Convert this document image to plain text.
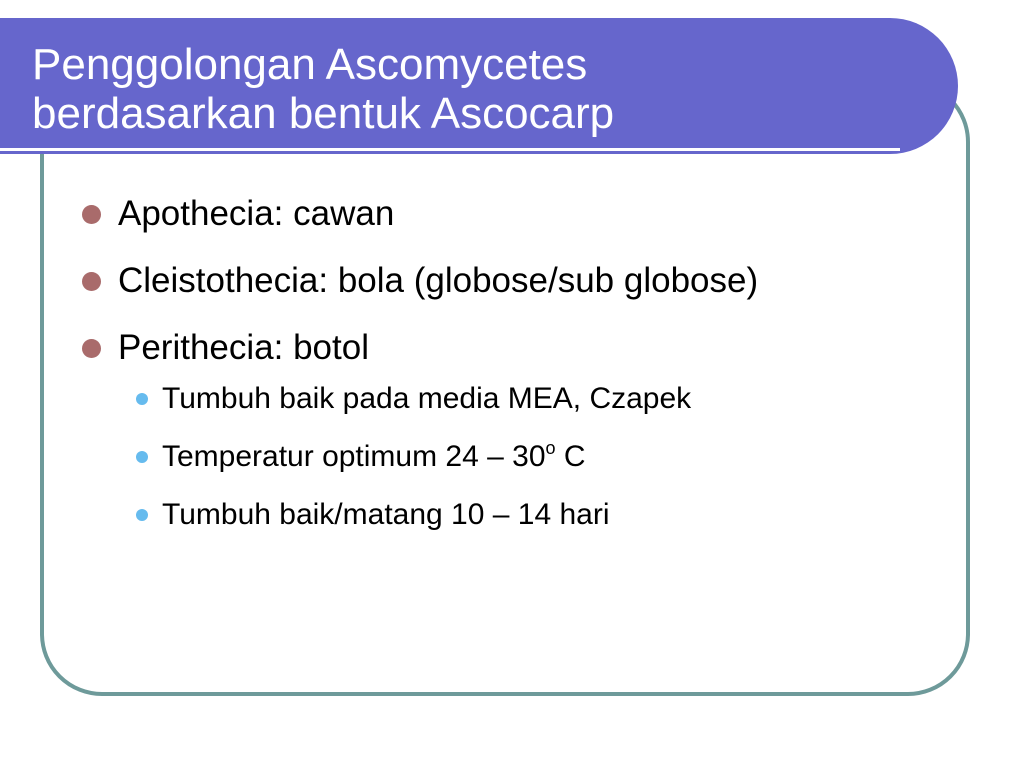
Penggolongan Ascomycetes
berdasarkan bentuk Ascocarp
Apothecia: cawan
Cleistothecia: bola (globose/sub globose)
Perithecia: botol
Tumbuh baik pada media MEA, Czapek
Temperatur optimum 24 – 30$^o$ C
Tumbuh baik/matang 10 – 14 hari
